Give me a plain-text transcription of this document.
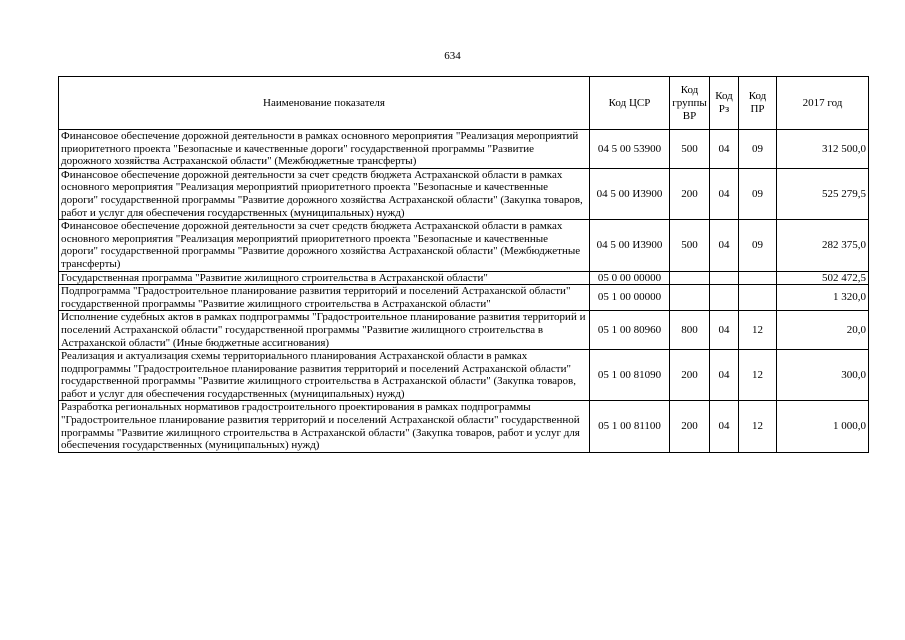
634
Наименование показателя	Код ЦСР	Код группы ВР	Код Рз	Код ПР	2017 год
Финансовое обеспечение дорожной деятельности в рамках основного мероприятия "Реализация мероприятий приоритетного проекта "Безопасные и качественные дороги" государственной программы "Развитие дорожного хозяйства Астраханской области" (Межбюджетные трансферты)	04 5 00 53900	500	04	09	312 500,0
Финансовое обеспечение дорожной деятельности за счет средств бюджета Астраханской области в рамках основного мероприятия "Реализация мероприятий приоритетного проекта "Безопасные и качественные дороги" государственной программы "Развитие дорожного хозяйства Астраханской области" (Закупка товаров, работ и услуг для обеспечения государственных (муниципальных) нужд)	04 5 00 И3900	200	04	09	525 279,5
Финансовое обеспечение дорожной деятельности за счет средств бюджета Астраханской области в рамках основного мероприятия "Реализация мероприятий приоритетного проекта "Безопасные и качественные дороги" государственной программы "Развитие дорожного хозяйства Астраханской области" (Межбюджетные трансферты)	04 5 00 И3900	500	04	09	282 375,0
Государственная программа "Развитие жилищного строительства в Астраханской области"	05 0 00 00000				502 472,5
Подпрограмма "Градостроительное планирование развития территорий и поселений Астраханской области" государственной программы "Развитие жилищного строительства в Астраханской области"	05 1 00 00000				1 320,0
Исполнение судебных актов в рамках подпрограммы "Градостроительное планирование развития территорий и поселений Астраханской области" государственной программы "Развитие жилищного строительства в Астраханской области" (Иные бюджетные ассигнования)	05 1 00 80960	800	04	12	20,0
Реализация и актуализация схемы территориального планирования Астраханской области в рамках подпрограммы "Градостроительное планирование развития территорий и поселений Астраханской области" государственной программы "Развитие жилищного строительства в Астраханской области" (Закупка товаров, работ и услуг для обеспечения государственных (муниципальных) нужд)	05 1 00 81090	200	04	12	300,0
Разработка региональных нормативов градостроительного проектирования в рамках подпрограммы "Градостроительное планирование развития территорий и поселений Астраханской области" государственной программы "Развитие жилищного строительства в Астраханской области" (Закупка товаров, работ и услуг для обеспечения государственных (муниципальных) нужд)	05 1 00 81100	200	04	12	1 000,0
